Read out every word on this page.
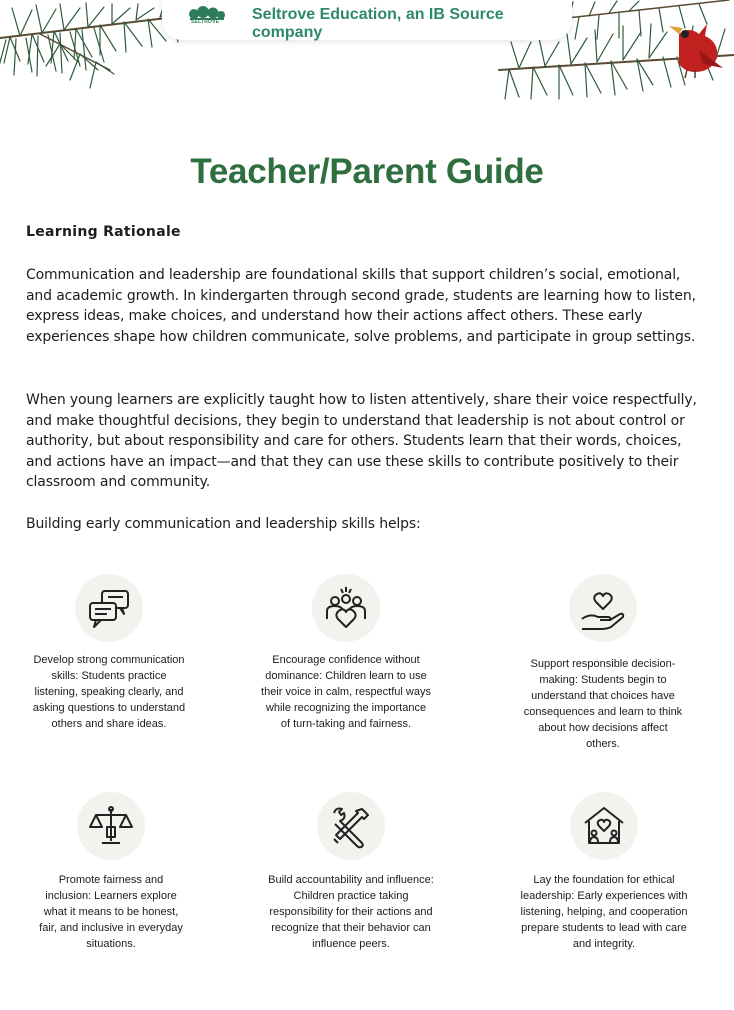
SELTROVE Seltrove Education, an IB Source company
Teacher/Parent Guide
Learning Rationale
Communication and leadership are foundational skills that support children’s social, emotional, and academic growth. In kindergarten through second grade, students are learning how to listen, express ideas, make choices, and understand how their actions affect others. These early experiences shape how children communicate, solve problems, and participate in group settings.
When young learners are explicitly taught how to listen attentively, share their voice respectfully, and make thoughtful decisions, they begin to understand that leadership is not about control or authority, but about responsibility and care for others. Students learn that their words, choices, and actions have an impact—and that they can use these skills to contribute positively to their classroom and community.
Building early communication and leadership skills helps:
Develop strong communication skills: Students practice listening, speaking clearly, and asking questions to understand others and share ideas.
Encourage confidence without dominance: Children learn to use their voice in calm, respectful ways while recognizing the importance of turn-taking and fairness.
Support responsible decision-making: Students begin to understand that choices have consequences and learn to think about how decisions affect others.
Promote fairness and inclusion: Learners explore what it means to be honest, fair, and inclusive in everyday situations.
Build accountability and influence: Children practice taking responsibility for their actions and recognize that their behavior can influence peers.
Lay the foundation for ethical leadership: Early experiences with listening, helping, and cooperation prepare students to lead with care and integrity.
